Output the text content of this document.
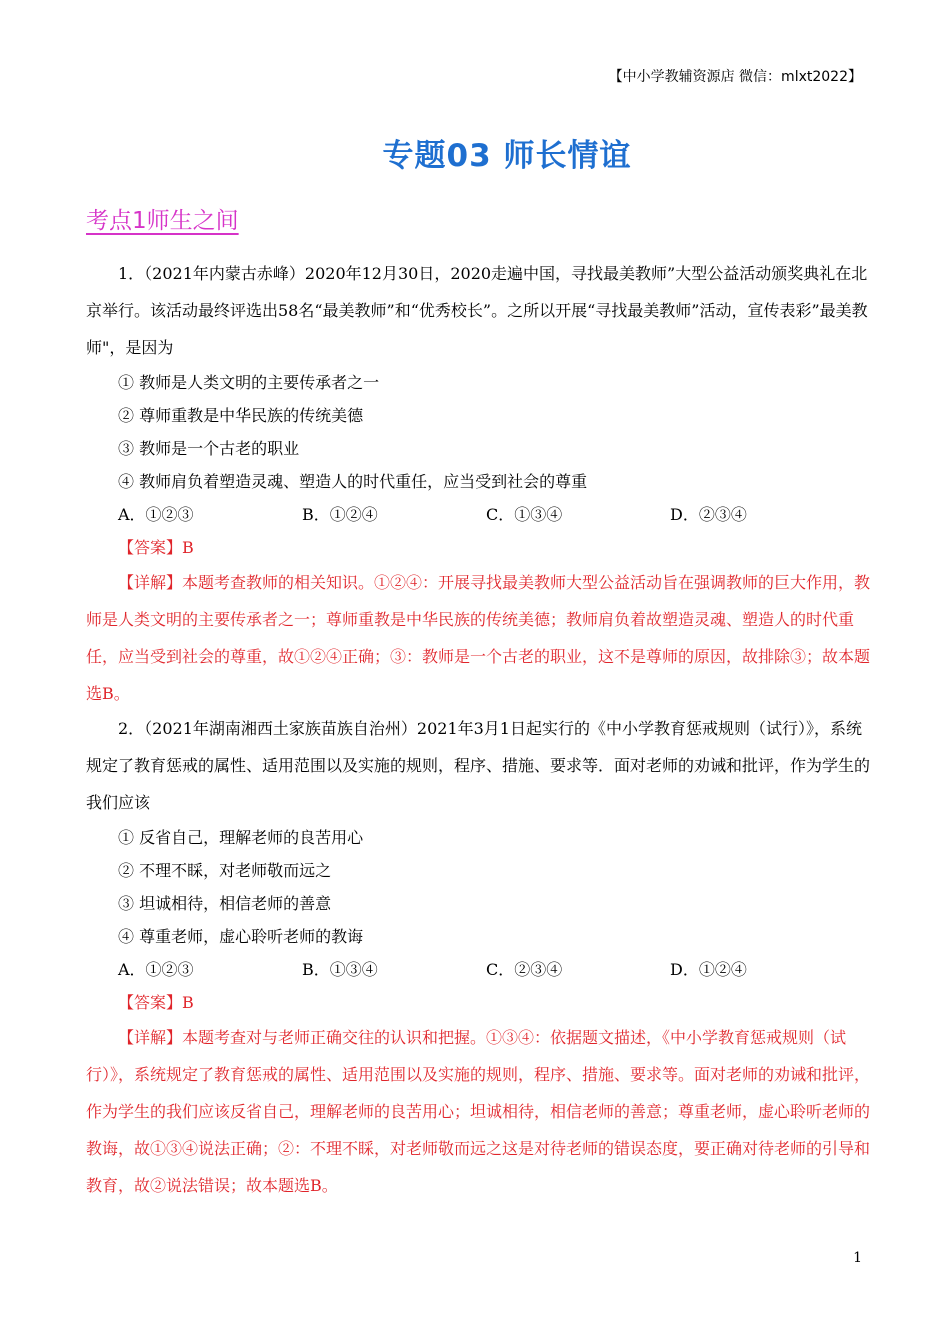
【中小学教辅资源店 微信：mlxt2022】
专题03 师长情谊
考点1师生之间

1．（2021年内蒙古赤峰）2020年12月30日，2020走遍中国，寻找最美教师”大型公益活动颁奖典礼在北京举行。该活动最终评选出58名“最美教师”和“优秀校长”。之所以开展“寻找最美教师”活动，宣传表彩”最美教师"，是因为

① 教师是人类文明的主要传承者之一

② 尊师重教是中华民族的传统美德

③ 教师是一个古老的职业

④ 教师肩负着塑造灵魂、塑造人的时代重任，应当受到社会的尊重

A．①②③	B．①②④	C．①③④	D．②③④

【答案】B

【详解】本题考查教师的相关知识。①②④：开展寻找最美教师大型公益活动旨在强调教师的巨大作用，教师是人类文明的主要传承者之一；尊师重教是中华民族的传统美德；教师肩负着故塑造灵魂、塑造人的时代重任，应当受到社会的尊重，故①②④正确；③：教师是一个古老的职业，这不是尊师的原因，故排除③；故本题选B。

2．（2021年湖南湘西土家族苗族自治州）2021年3月1日起实行的《中小学教育惩戒规则（试行）》，系统规定了教育惩戒的属性、适用范围以及实施的规则，程序、措施、要求等．面对老师的劝诫和批评，作为学生的我们应该

① 反省自己，理解老师的良苦用心

② 不理不睬，对老师敬而远之

③ 坦诚相待，相信老师的善意

④ 尊重老师，虚心聆听老师的教诲

A．①②③	B．①③④	C．②③④	D．①②④

【答案】B

【详解】本题考查对与老师正确交往的认识和把握。①③④：依据题文描述，《中小学教育惩戒规则（试行）》，系统规定了教育惩戒的属性、适用范围以及实施的规则，程序、措施、要求等。面对老师的劝诫和批评，作为学生的我们应该反省自己，理解老师的良苦用心；坦诚相待，相信老师的善意；尊重老师，虚心聆听老师的教诲，故①③④说法正确；②：不理不睬，对老师敬而远之这是对待老师的错误态度，要正确对待老师的引导和教育，故②说法错误；故本题选B。

1
